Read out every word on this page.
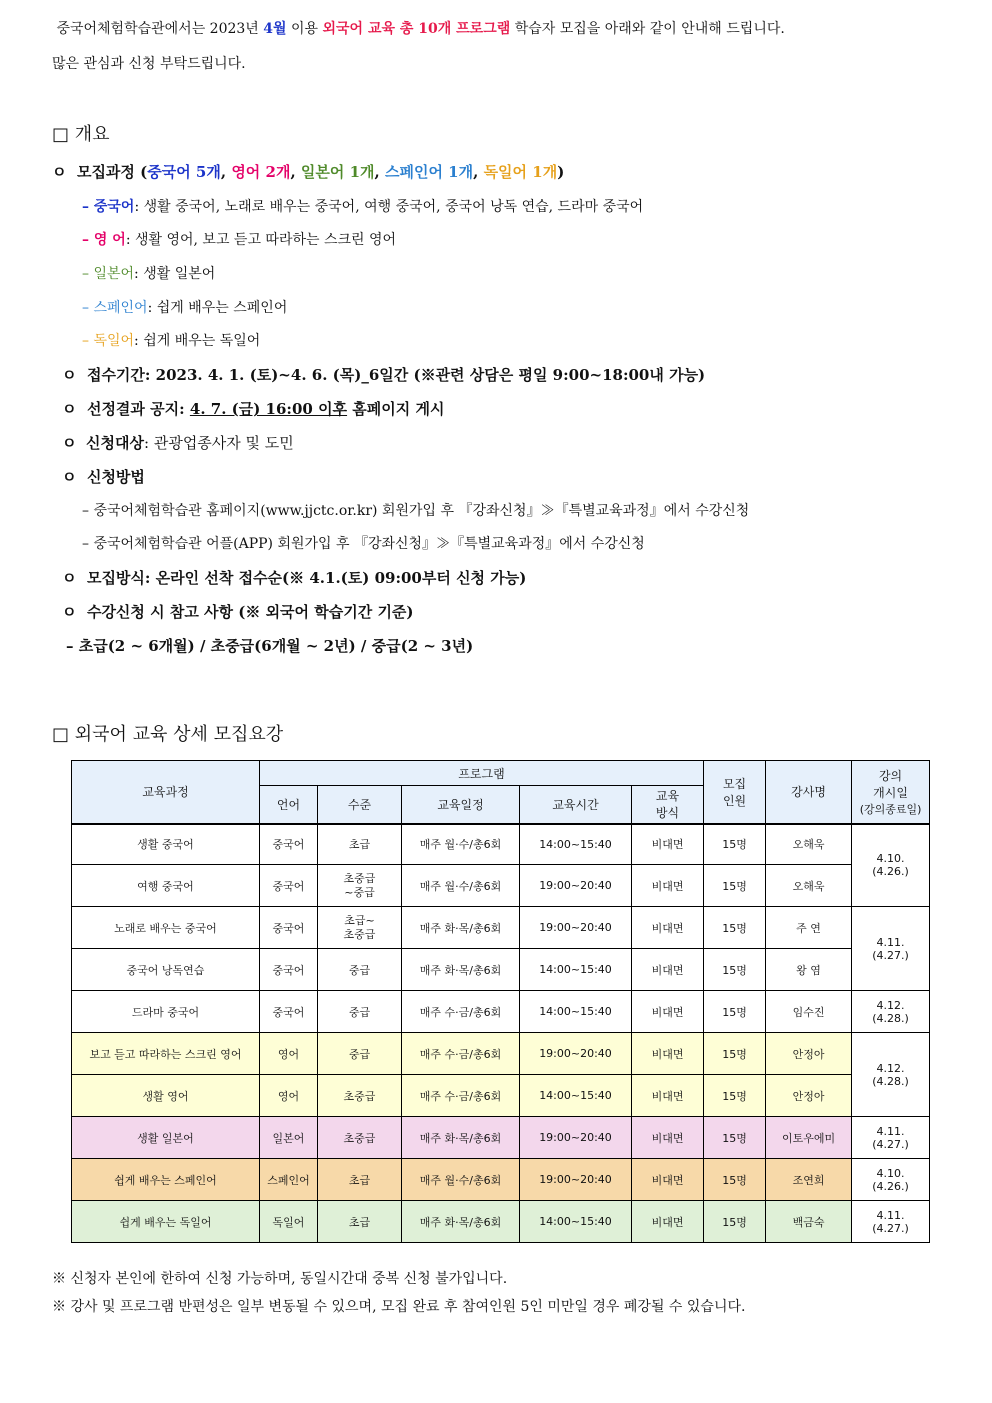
중국어체험학습관에서는 2023년 4월 이용 외국어 교육 총 10개 프로그램 학습자 모집을 아래와 같이 안내해 드립니다.
많은 관심과 신청 부탁드립니다.
□ 개요
ㅇ 모집과정 (중국어 5개, 영어 2개, 일본어 1개, 스페인어 1개, 독일어 1개)
– 중국어: 생활 중국어, 노래로 배우는 중국어, 여행 중국어, 중국어 낭독 연습, 드라마 중국어
– 영 어: 생활 영어, 보고 듣고 따라하는 스크린 영어
– 일본어: 생활 일본어
– 스페인어: 쉽게 배우는 스페인어
– 독일어: 쉽게 배우는 독일어
ㅇ 접수기간: 2023. 4. 1. (토)~4. 6. (목)_6일간 (※관련 상담은 평일 9:00~18:00내 가능)
ㅇ 선정결과 공지: 4. 7. (금) 16:00 이후 홈페이지 게시
ㅇ 신청대상: 관광업종사자 및 도민
ㅇ 신청방법
– 중국어체험학습관 홈페이지(www.jjctc.or.kr) 회원가입 후 『강좌신청』≫『특별교육과정』에서 수강신청
– 중국어체험학습관 어플(APP) 회원가입 후 『강좌신청』≫『특별교육과정』에서 수강신청
ㅇ 모집방식: 온라인 선착 접수순(※ 4.1.(토) 09:00부터 신청 가능)
ㅇ 수강신청 시 참고 사항 (※ 외국어 학습기간 기준)
– 초급(2 ~ 6개월) / 초중급(6개월 ~ 2년) / 중급(2 ~ 3년)
□ 외국어 교육 상세 모집요강
교육과정	프로그램					모집
인원	강사명	강의
개시일
(강의종료일)
	언어	수준	교육일정	교육시간	교육
방식			
생활 중국어	중국어	초급	매주 월·수/총6회	14:00~15:40	비대면	15명	오해욱	4.10.
(4.26.)
여행 중국어	중국어	초중급
~중급	매주 월·수/총6회	19:00~20:40	비대면	15명	오해욱	
노래로 배우는 중국어	중국어	초급~
초중급	매주 화·목/총6회	19:00~20:40	비대면	15명	주 연	4.11.
(4.27.)
중국어 낭독연습	중국어	중급	매주 화·목/총6회	14:00~15:40	비대면	15명	왕 염	
드라마 중국어	중국어	중급	매주 수·금/총6회	14:00~15:40	비대면	15명	임수진	4.12.
(4.28.)
보고 듣고 따라하는 스크린 영어	영어	중급	매주 수·금/총6회	19:00~20:40	비대면	15명	안정아	4.12.
(4.28.)
생활 영어	영어	초중급	매주 수·금/총6회	14:00~15:40	비대면	15명	안정아	
생활 일본어	일본어	초중급	매주 화·목/총6회	19:00~20:40	비대면	15명	이토우에미	4.11.
(4.27.)
쉽게 배우는 스페인어	스페인어	초급	매주 월·수/총6회	19:00~20:40	비대면	15명	조연희	4.10.
(4.26.)
쉽게 배우는 독일어	독일어	초급	매주 화·목/총6회	14:00~15:40	비대면	15명	백금숙	4.11.
(4.27.)
※ 신청자 본인에 한하여 신청 가능하며, 동일시간대 중복 신청 불가입니다.
※ 강사 및 프로그램 반편성은 일부 변동될 수 있으며, 모집 완료 후 참여인원 5인 미만일 경우 폐강될 수 있습니다.
